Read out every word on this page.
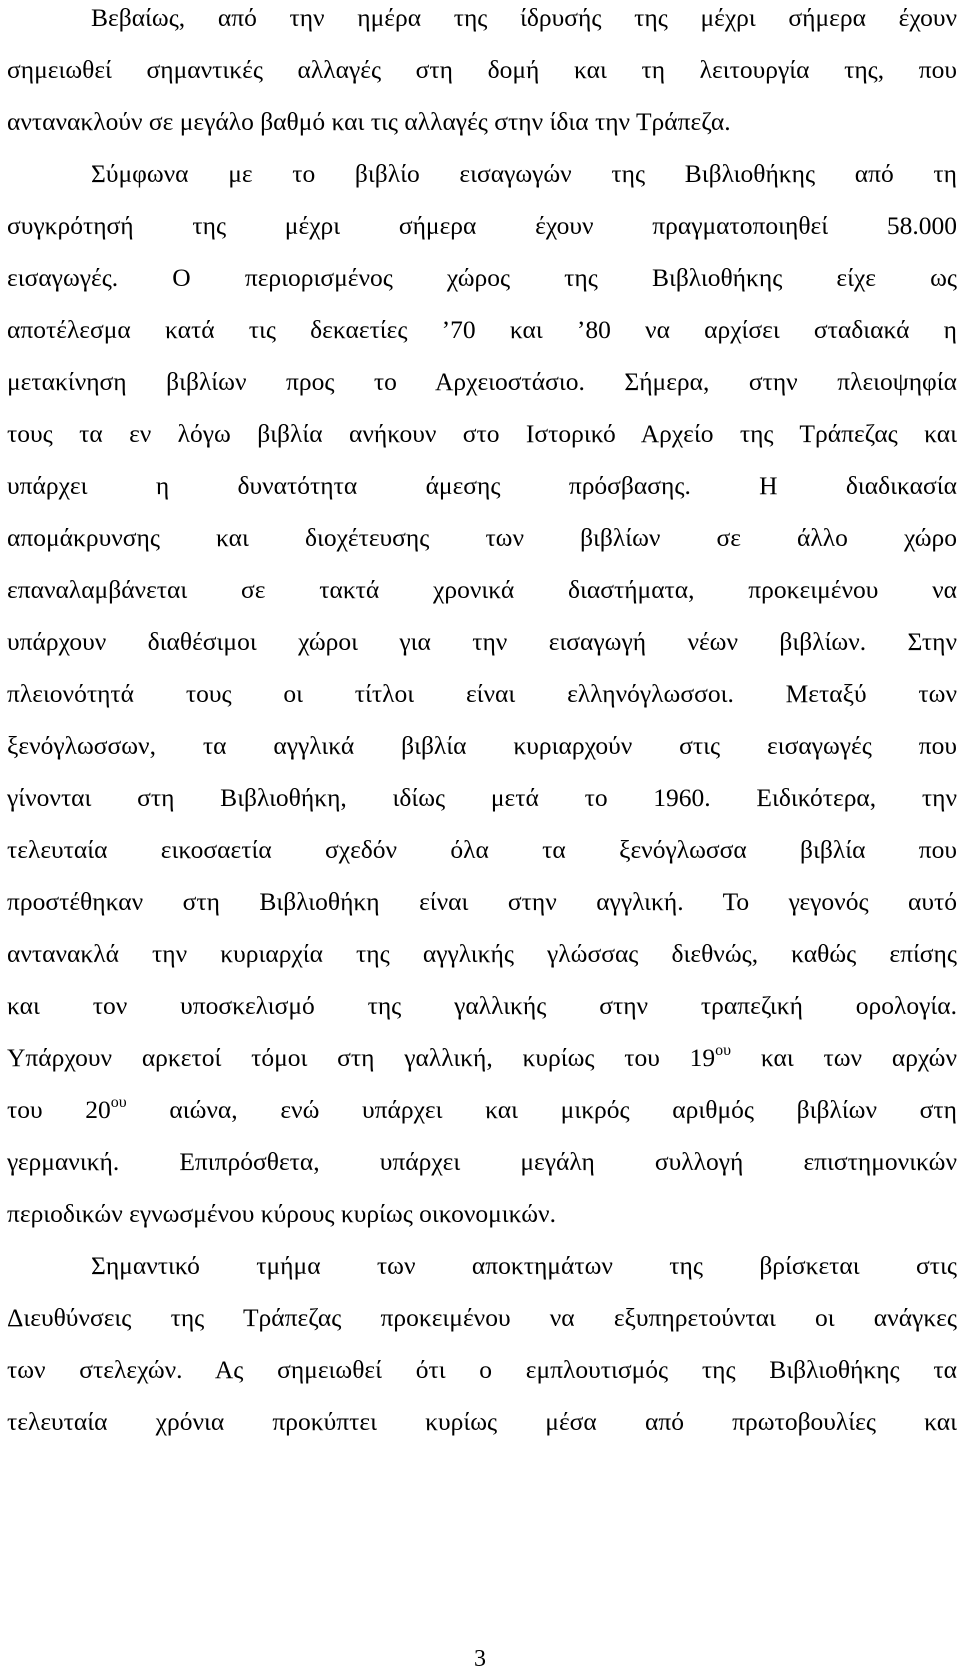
Βεβαίως, από την ημέρα της ίδρυσής της μέχρι σήμερα έχουν
σημειωθεί σημαντικές αλλαγές στη δομή και τη λειτουργία της, που
αντανακλούν σε μεγάλο βαθμό και τις αλλαγές στην ίδια την Τράπεζα.
Σύμφωνα με το βιβλίο εισαγωγών της Βιβλιοθήκης από τη
συγκρότησή της μέχρι σήμερα έχουν πραγματοποιηθεί 58.000
εισαγωγές. Ο περιορισμένος χώρος της Βιβλιοθήκης είχε ως
αποτέλεσμα κατά τις δεκαετίες ’70 και ’80 να αρχίσει σταδιακά η
μετακίνηση βιβλίων προς το Αρχειοστάσιο. Σήμερα, στην πλειοψηφία
τους τα εν λόγω βιβλία ανήκουν στο Ιστορικό Αρχείο της Τράπεζας και
υπάρχει η δυνατότητα άμεσης πρόσβασης. Η διαδικασία
απομάκρυνσης και διοχέτευσης των βιβλίων σε άλλο χώρο
επαναλαμβάνεται σε τακτά χρονικά διαστήματα, προκειμένου να
υπάρχουν διαθέσιμοι χώροι για την εισαγωγή νέων βιβλίων. Στην
πλειονότητά τους οι τίτλοι είναι ελληνόγλωσσοι. Μεταξύ των
ξενόγλωσσων, τα αγγλικά βιβλία κυριαρχούν στις εισαγωγές που
γίνονται στη Βιβλιοθήκη, ιδίως μετά το 1960. Ειδικότερα, την
τελευταία εικοσαετία σχεδόν όλα τα ξενόγλωσσα βιβλία που
προστέθηκαν στη Βιβλιοθήκη είναι στην αγγλική. Το γεγονός αυτό
αντανακλά την κυριαρχία της αγγλικής γλώσσας διεθνώς, καθώς επίσης
και τον υποσκελισμό της γαλλικής στην τραπεζική ορολογία.
Υπάρχουν αρκετοί τόμοι στη γαλλική, κυρίως του $19^{o\upsilon}$ και των αρχών
του $20^{o\upsilon}$ αιώνα, ενώ υπάρχει και μικρός αριθμός βιβλίων στη
γερμανική. Επιπρόσθετα, υπάρχει μεγάλη συλλογή επιστημονικών
περιοδικών εγνωσμένου κύρους κυρίως οικονομικών.
Σημαντικό τμήμα των αποκτημάτων της βρίσκεται στις
Διευθύνσεις της Τράπεζας προκειμένου να εξυπηρετούνται οι ανάγκες
των στελεχών. Ας σημειωθεί ότι ο εμπλουτισμός της Βιβλιοθήκης τα
τελευταία χρόνια προκύπτει κυρίως μέσα από πρωτοβουλίες και
3
